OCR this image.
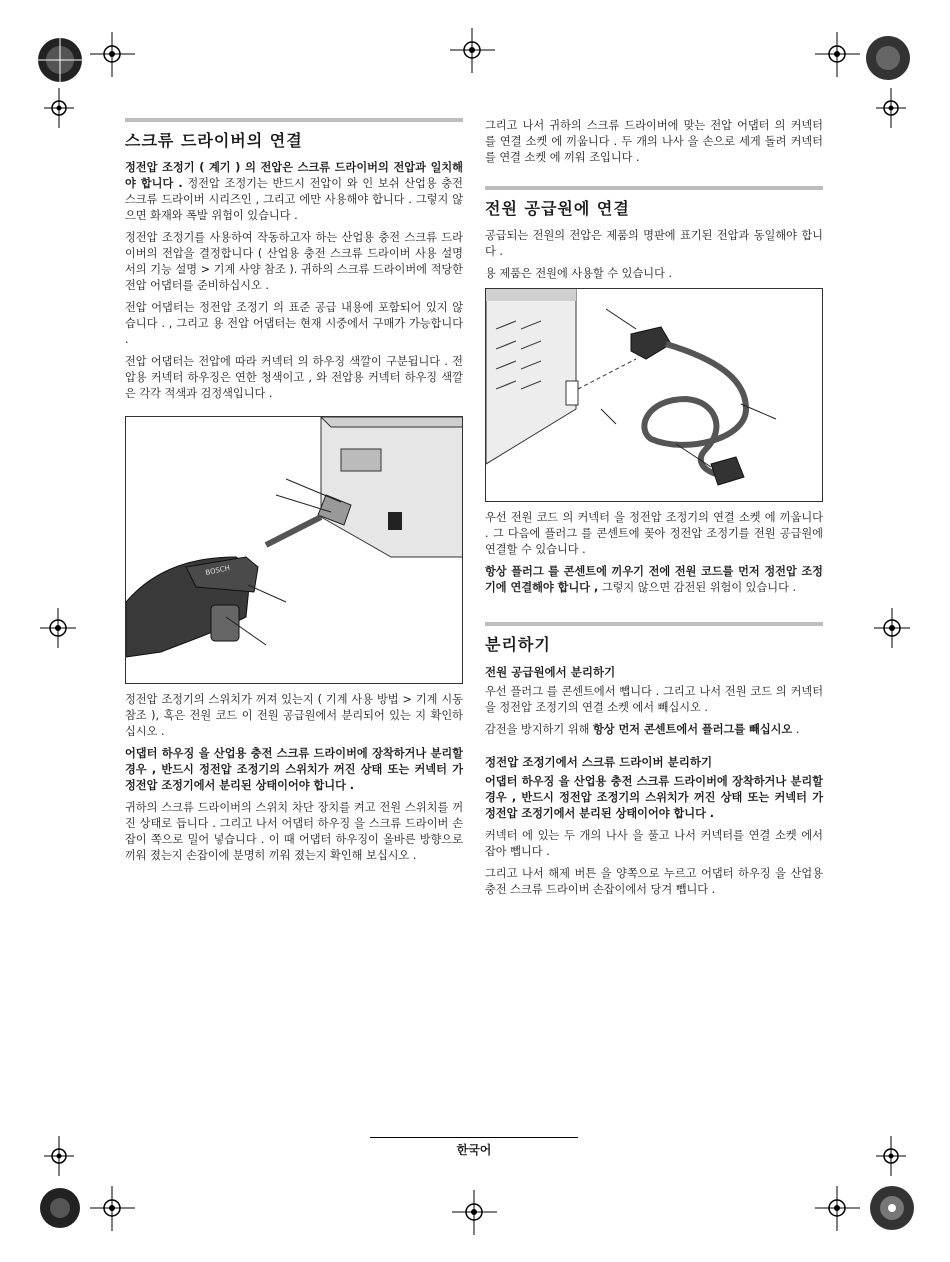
스크류 드라이버의 연결

정전압 조정기 ( 계기 ) 의 전압은 스크류 드라이버의 전압과 일치해야 합니다 . 정전압 조정기는 반드시 전압이 와 인 보쉬 산업용 충전 스크류 드라이버 시리즈인 , 그리고 에만 사용해야 합니다 . 그렇지 않으면 화재와 폭발 위험이 있습니다 .

정전압 조정기를 사용하여 작동하고자 하는 산업용 충전 스크류 드라이버의 전압을 결정합니다 ( 산업용 충전 스크류 드라이버 사용 설명서의 기능 설명 > 기계 사양 참조 ). 귀하의 스크류 드라이버에 적당한 전압 어댑터를 준비하십시오 .

전압 어댑터는 정전압 조정기 의 표준 공급 내용에 포함되어 있지 않습니다 . , 그리고 용 전압 어댑터는 현재 시중에서 구매가 가능합니다 .

전압 어댑터는 전압에 따라 커넥터 의 하우징 색깔이 구분됩니다 . 전압용 커넥터 하우징은 연한 청색이고 , 와 전압용 커넥터 하우징 색깔은 각각 적색과 검정색입니다 .

BOSCH

정전압 조정기의 스위치가 꺼져 있는지 ( 기계 사용 방법 > 기계 시동 참조 ), 혹은 전원 코드 이 전원 공급원에서 분리되어 있는 지 확인하십시오 .

어댑터 하우징 을 산업용 충전 스크류 드라이버에 장착하거나 분리할 경우 , 반드시 정전압 조정기의 스위치가 꺼진 상태 또는 커넥터 가 정전압 조정기에서 분리된 상태이어야 합니다 .

귀하의 스크류 드라이버의 스위치 차단 장치를 켜고 전원 스위치를 꺼진 상태로 듭니다 . 그리고 나서 어댑터 하우징 을 스크류 드라이버 손잡이 쪽으로 밀어 넣습니다 . 이 때 어댑터 하우징이 올바른 방향으로 끼워 졌는지 손잡이에 분명히 끼워 졌는지 확인해 보십시오 .

그리고 나서 귀하의 스크류 드라이버에 맞는 전압 어댑터 의 커넥터 를 연결 소켓 에 끼웁니다 . 두 개의 나사 을 손으로 세게 돌려 커넥터 를 연결 소켓 에 끼워 조입니다 .

전원 공급원에 연결

공급되는 전원의 전압은 제품의 명판에 표기된 전압과 동일해야 합니다 .

용 제품은 전원에 사용할 수 있습니다 .

우선 전원 코드 의 커넥터 을 정전압 조정기의 연결 소켓 에 끼웁니다 . 그 다음에 플러그 를 콘센트에 꽂아 정전압 조정기를 전원 공급원에 연결할 수 있습니다 .

항상 플러그 를 콘센트에 끼우기 전에 전원 코드를 먼저 정전압 조정기에 연결해야 합니다 , 그렇지 않으면 감전된 위험이 있습니다 .

분리하기
전원 공급원에서 분리하기

우선 플러그 를 콘센트에서 뺍니다 . 그리고 나서 전원 코드 의 커넥터 을 정전압 조정기의 연결 소켓 에서 빼십시오 .

감전을 방지하기 위해 항상 먼저 콘센트에서 플러그를 빼십시오 .

정전압 조정기에서 스크류 드라이버 분리하기

어댑터 하우징 을 산업용 충전 스크류 드라이버에 장착하거나 분리할 경우 , 반드시 정전압 조정기의 스위치가 꺼진 상태 또는 커넥터 가 정전압 조정기에서 분리된 상태이어야 합니다 .

커넥터 에 있는 두 개의 나사 을 풀고 나서 커넥터를 연결 소켓 에서 잡아 뺍니다 .

그리고 나서 해제 버튼 을 양쪽으로 누르고 어댑터 하우징 을 산업용 충전 스크류 드라이버 손잡이에서 당겨 뺍니다 .

한국어
